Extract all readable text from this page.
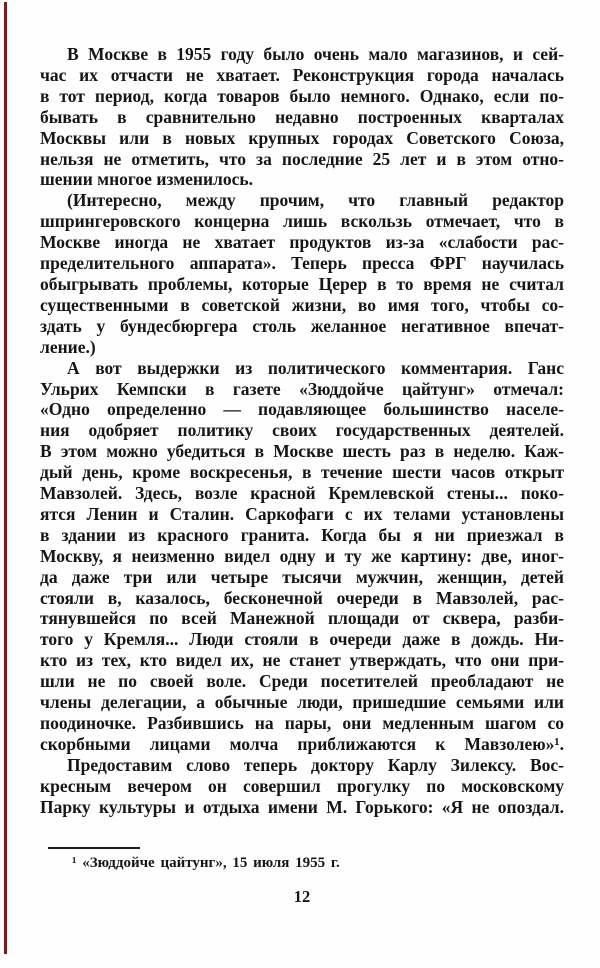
В Москве в 1955 году было очень мало магазинов, и сей-
час их отчасти не хватает. Реконструкция города началась
в тот период, когда товаров было немного. Однако, если по-
бывать в сравнительно недавно построенных кварталах
Москвы или в новых крупных городах Советского Союза,
нельзя не отметить, что за последние 25 лет и в этом отно-
шении многое изменилось.
(Интересно, между прочим, что главный редактор
шпрингеровского концерна лишь вскользь отмечает, что в
Москве иногда не хватает продуктов из-за «слабости рас-
пределительного аппарата». Теперь пресса ФРГ научилась
обыгрывать проблемы, которые Церер в то время не считал
существенными в советской жизни, во имя того, чтобы со-
здать у бундесбюргера столь желанное негативное впечат-
ление.)
А вот выдержки из политического комментария. Ганс
Ульрих Кемпски в газете «Зюддойче цайтунг» отмечал:
«Одно определенно — подавляющее большинство населе-
ния одобряет политику своих государственных деятелей.
В этом можно убедиться в Москве шесть раз в неделю. Каж-
дый день, кроме воскресенья, в течение шести часов открыт
Мавзолей. Здесь, возле красной Кремлевской стены... поко-
ятся Ленин и Сталин. Саркофаги с их телами установлены
в здании из красного гранита. Когда бы я ни приезжал в
Москву, я неизменно видел одну и ту же картину: две, иног-
да даже три или четыре тысячи мужчин, женщин, детей
стояли в, казалось, бесконечной очереди в Мавзолей, рас-
тянувшейся по всей Манежной площади от сквера, разби-
того у Кремля... Люди стояли в очереди даже в дождь. Ни-
кто из тех, кто видел их, не станет утверждать, что они при-
шли не по своей воле. Среди посетителей преобладают не
члены делегации, а обычные люди, пришедшие семьями или
поодиночке. Разбившись на пары, они медленным шагом со
скорбными лицами молча приближаются к Мавзолею»¹.
Предоставим слово теперь доктору Карлу Зилексу. Вос-
кресным вечером он совершил прогулку по московскому
Парку культуры и отдыха имени М. Горького: «Я не опоздал.
¹ «Зюддойче цайтунг», 15 июля 1955 г.
12
